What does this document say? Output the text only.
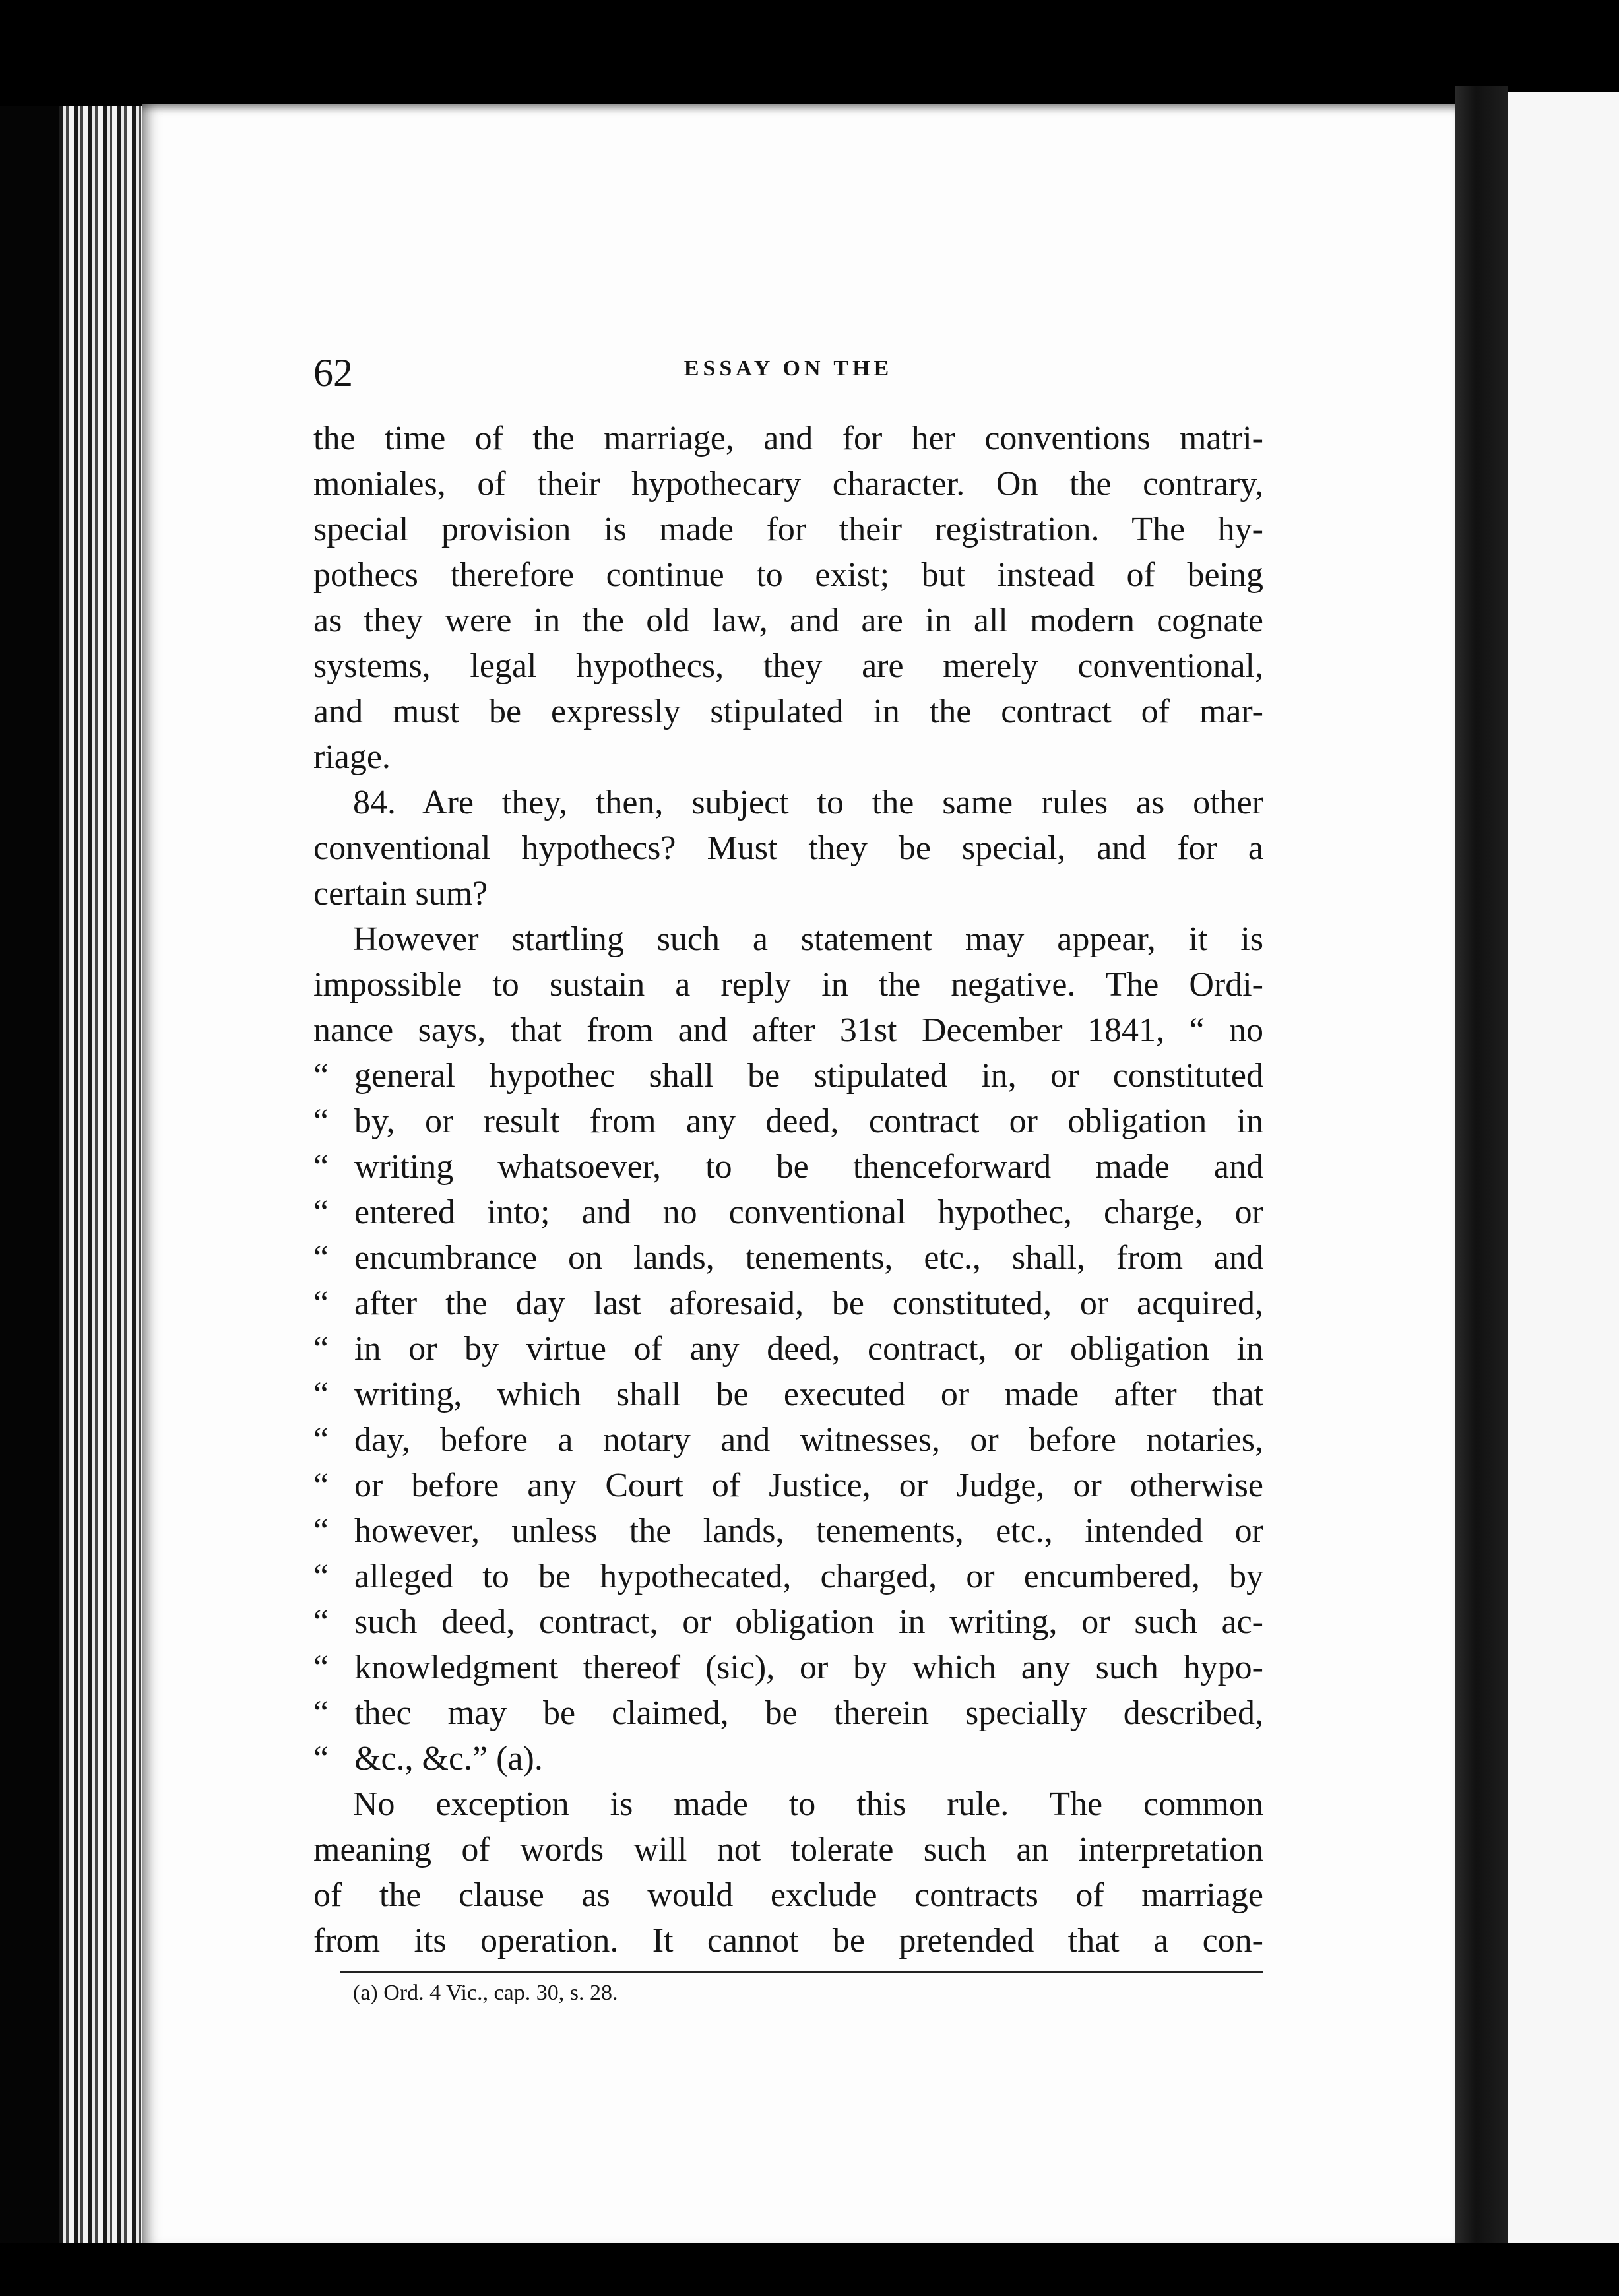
62	ESSAY ON THE
the time of the marriage, and for her conventions matri-
moniales, of their hypothecary character. On the contrary,
special provision is made for their registration. The hy-
pothecs therefore continue to exist; but instead of being
as they were in the old law, and are in all modern cognate
systems, legal hypothecs, they are merely conventional,
and must be expressly stipulated in the contract of mar-
riage.
84. Are they, then, subject to the same rules as other
conventional hypothecs? Must they be special, and for a
certain sum?
However startling such a statement may appear, it is
impossible to sustain a reply in the negative. The Ordi-
nance says, that from and after 31st December 1841, “ no
“ general hypothec shall be stipulated in, or constituted
“ by, or result from any deed, contract or obligation in
“ writing whatsoever, to be thenceforward made and
“ entered into; and no conventional hypothec, charge, or
“ encumbrance on lands, tenements, etc., shall, from and
“ after the day last aforesaid, be constituted, or acquired,
“ in or by virtue of any deed, contract, or obligation in
“ writing, which shall be executed or made after that
“ day, before a notary and witnesses, or before notaries,
“ or before any Court of Justice, or Judge, or otherwise
“ however, unless the lands, tenements, etc., intended or
“ alleged to be hypothecated, charged, or encumbered, by
“ such deed, contract, or obligation in writing, or such ac-
“ knowledgment thereof (sic), or by which any such hypo-
“ thec may be claimed, be therein specially described,
“ &c., &c.” (a).
No exception is made to this rule. The common
meaning of words will not tolerate such an interpretation
of the clause as would exclude contracts of marriage
from its operation. It cannot be pretended that a con-
(a) Ord. 4 Vic., cap. 30, s. 28.
